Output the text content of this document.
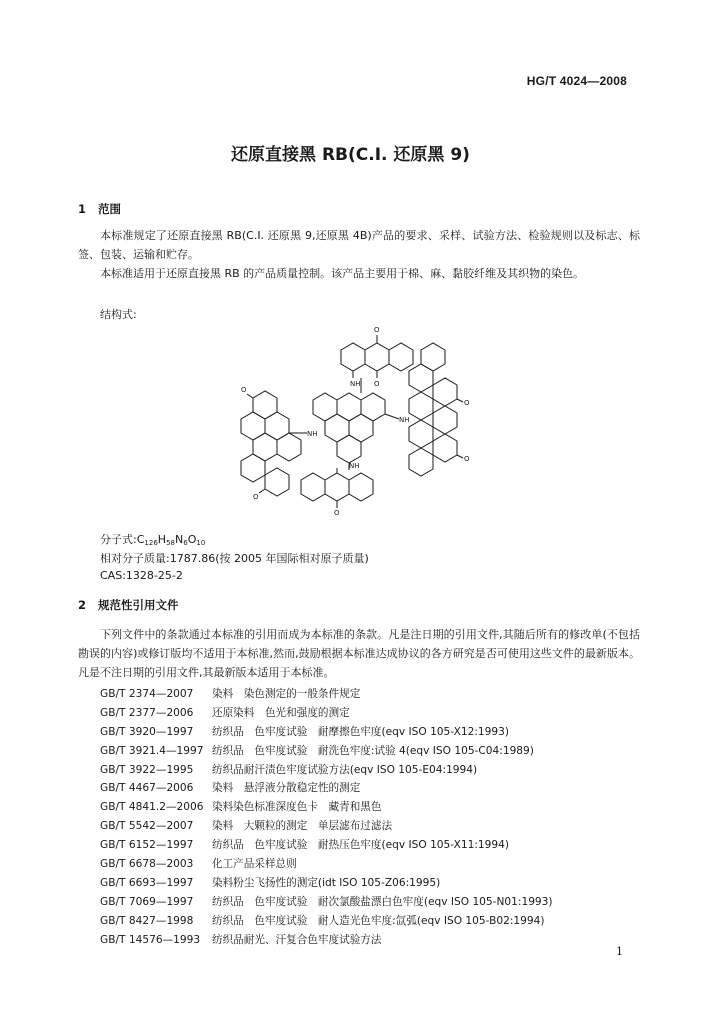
HG/T 4024—2008
还原直接黑 RB(C.I. 还原黑 9)
1 范围
本标准规定了还原直接黑 RB(C.I. 还原黑 9,还原黑 4B)产品的要求、采样、试验方法、检验规则以及标志、标签、包装、运输和贮存。
本标准适用于还原直接黑 RB 的产品质量控制。该产品主要用于棉、麻、黏胶纤维及其织物的染色。
结构式:
O
O
NH
O
O
NH
NH
NH
O
O
O
分子式$:C_{126}H_{58}N_6O_{10}$
相对分子质量:1787.86(按 2005 年国际相对原子质量)
CAS:1328-25-2
2 规范性引用文件
下列文件中的条款通过本标准的引用而成为本标准的条款。凡是注日期的引用文件,其随后所有的修改单(不包括勘误的内容)或修订版均不适用于本标准,然而,鼓励根据本标准达成协议的各方研究是否可使用这些文件的最新版本。凡是不注日期的引用文件,其最新版本适用于本标准。
GB/T 2374—2007 染料　染色测定的一般条件规定
GB/T 2377—2006 还原染料　色光和强度的测定
GB/T 3920—1997 纺织品　色牢度试验　耐摩擦色牢度(eqv ISO 105-X12:1993)
GB/T 3921.4—1997 纺织品　色牢度试验　耐洗色牢度:试验 4(eqv ISO 105-C04:1989)
GB/T 3922—1995 纺织品耐汗渍色牢度试验方法(eqv ISO 105-E04:1994)
GB/T 4467—2006 染料　悬浮液分散稳定性的测定
GB/T 4841.2—2006 染料染色标准深度色卡　藏青和黑色
GB/T 5542—2007 染料　大颗粒的测定　单层滤布过滤法
GB/T 6152—1997 纺织品　色牢度试验　耐热压色牢度(eqv ISO 105-X11:1994)
GB/T 6678—2003 化工产品采样总则
GB/T 6693—1997 染料粉尘飞扬性的测定(idt ISO 105-Z06:1995)
GB/T 7069—1997 纺织品　色牢度试验　耐次氯酸盐漂白色牢度(eqv ISO 105-N01:1993)
GB/T 8427—1998 纺织品　色牢度试验　耐人造光色牢度:氙弧(eqv ISO 105-B02:1994)
GB/T 14576—1993 纺织品耐光、汗复合色牢度试验方法
1
